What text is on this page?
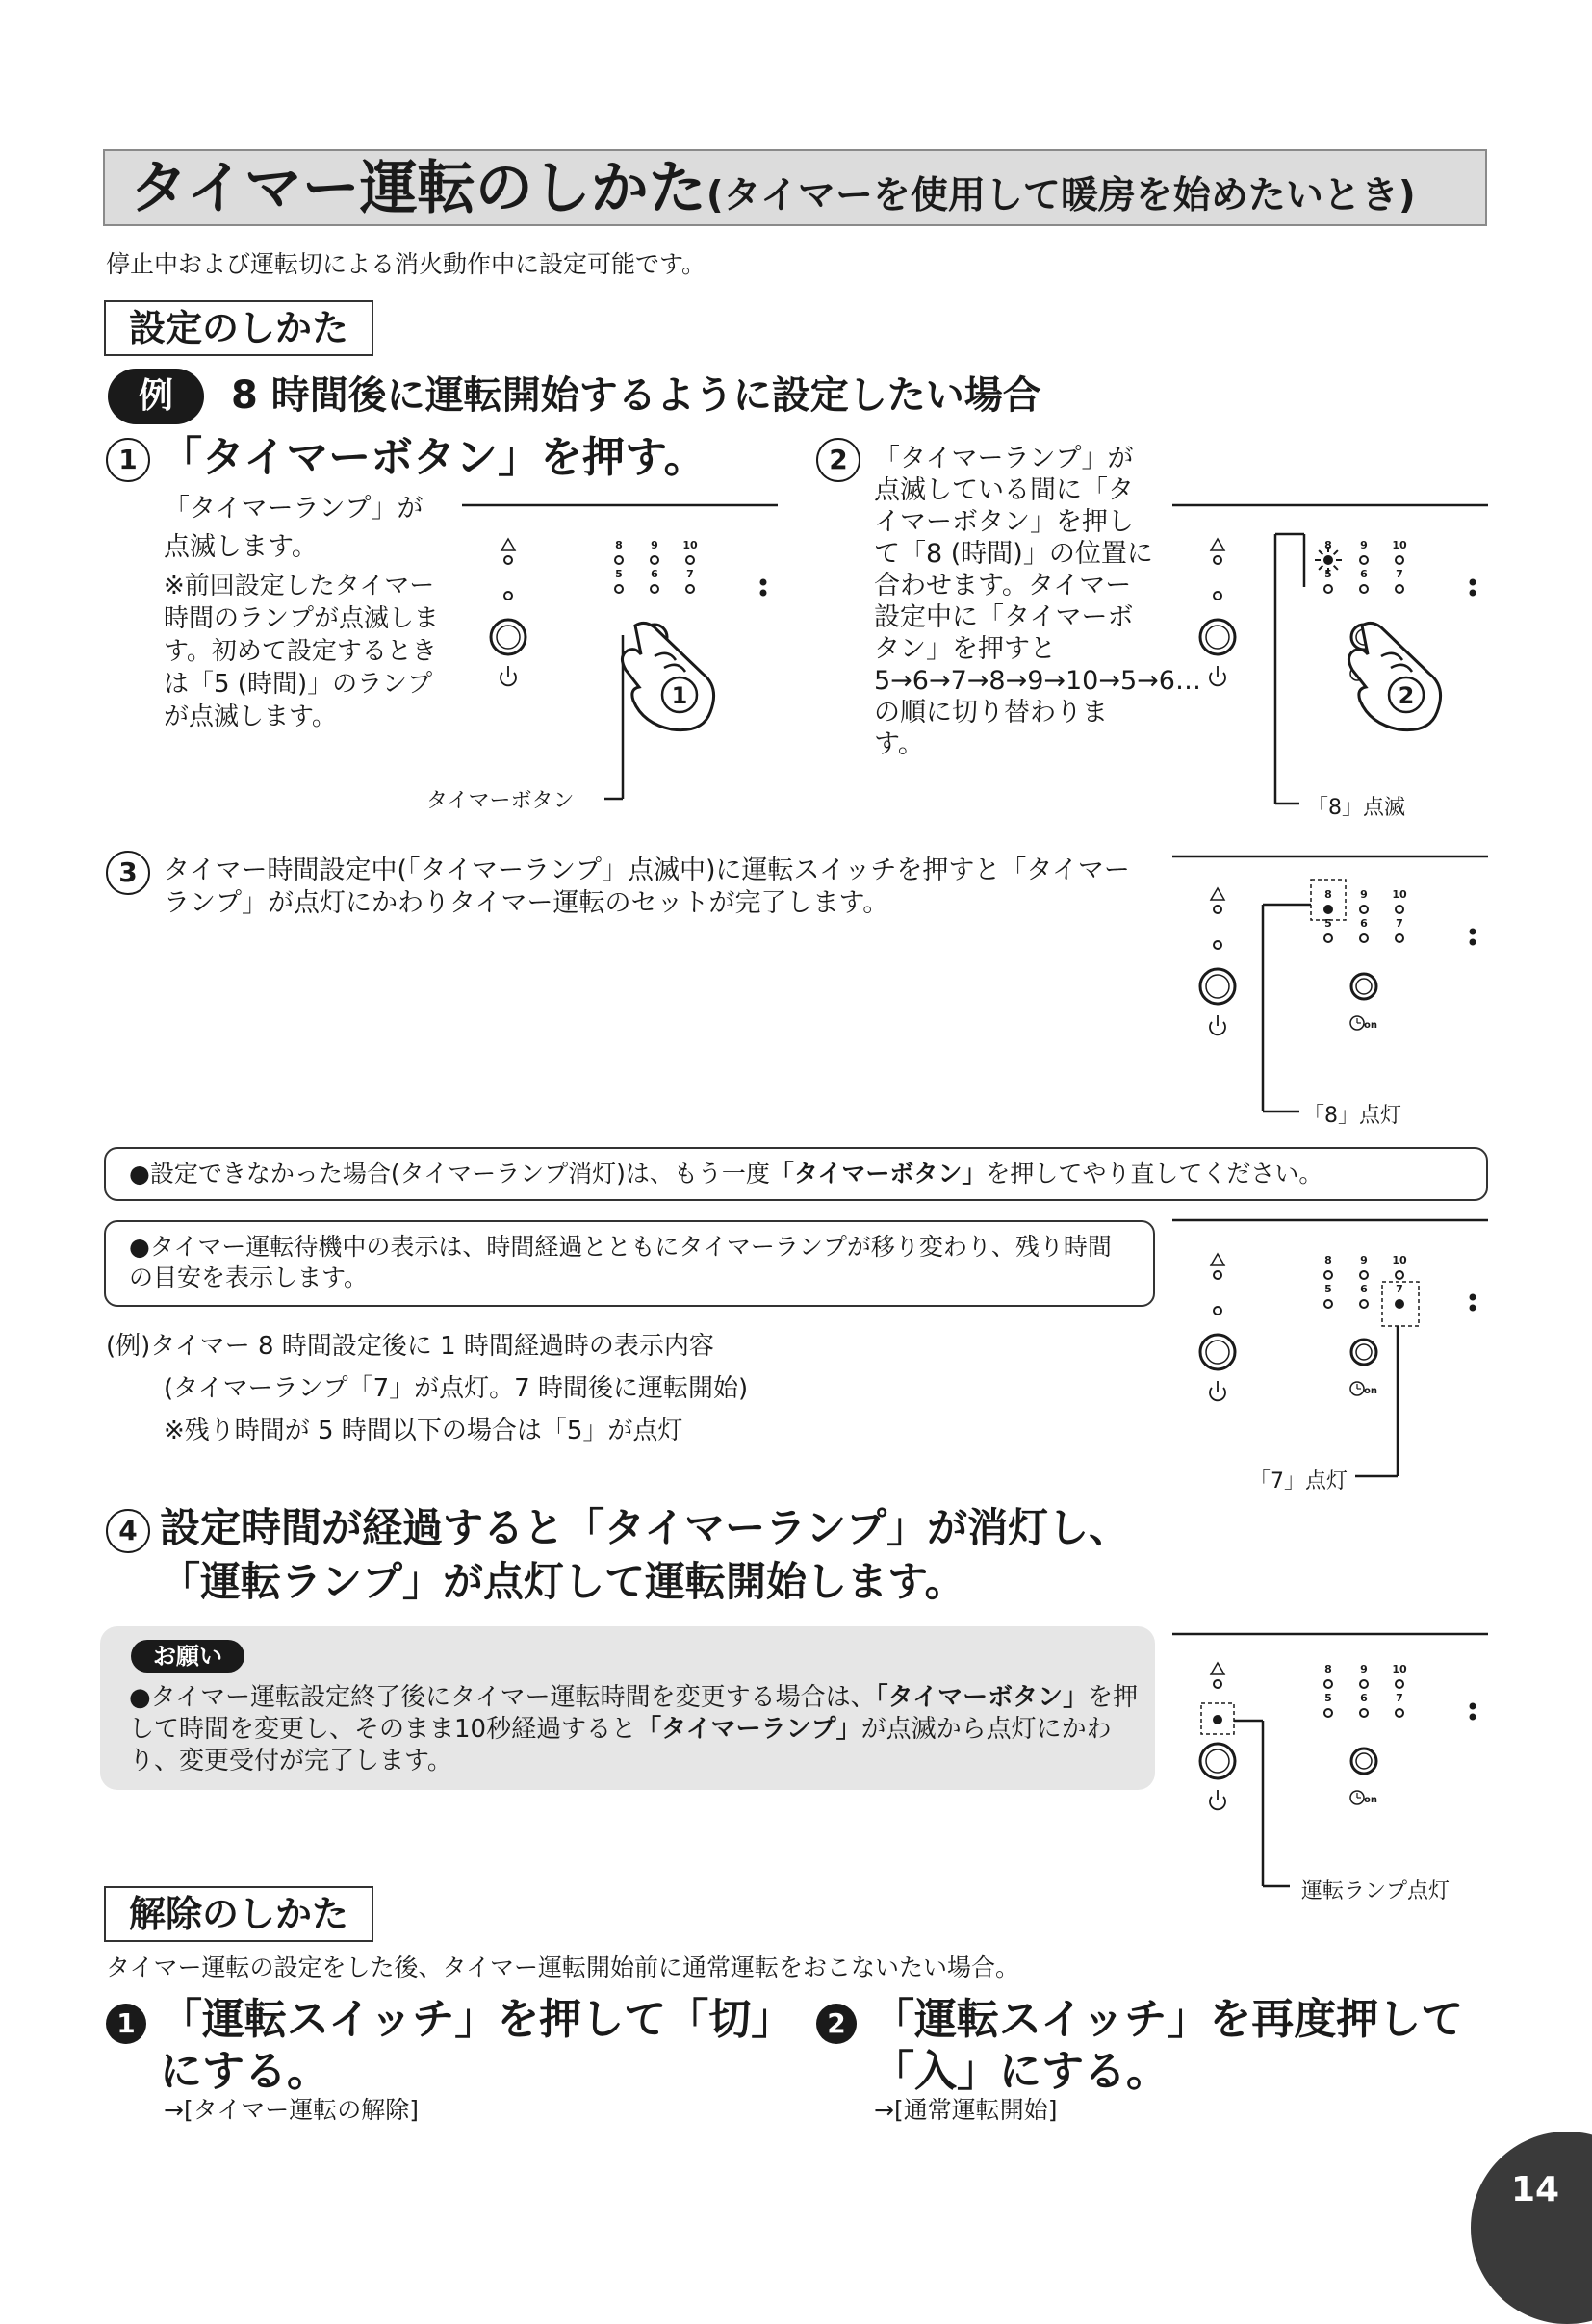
タイマー運転のしかた(タイマーを使用して暖房を始めたいとき)
停止中および運転切による消火動作中に設定可能です。
設定のしかた
例	8 時間後に運転開始するように設定したい場合
1 「タイマーボタン」を押す。
「タイマーランプ」が
点滅します。
※前回設定したタイマー時間のランプが点滅します。初めて設定するときは「5 (時間)」のランプが点滅します。
タイマーボタン
2	「タイマーランプ」が点滅している間に「タイマーボタン」を押して「8 (時間)」の位置に合わせます。タイマー設定中に「タイマーボタン」を押すと 5→6→7→8→9→10→5→6…の順に切り替わります。
「8」点滅
3	タイマー時間設定中(「タイマーランプ」点滅中)に運転スイッチを押すと「タイマーランプ」が点灯にかわりタイマー運転のセットが完了します。
「8」点灯
●設定できなかった場合(タイマーランプ消灯)は、もう一度「タイマーボタン」を押してやり直してください。
●タイマー運転待機中の表示は、時間経過とともにタイマーランプが移り変わり、残り時間の目安を表示します。
(例)タイマー 8 時間設定後に 1 時間経過時の表示内容
(タイマーランプ「7」が点灯。7 時間後に運転開始)
※残り時間が 5 時間以下の場合は「5」が点灯
「7」点灯
4 設定時間が経過すると「タイマーランプ」が消灯し、
「運転ランプ」が点灯して運転開始します。
運転ランプ点灯
お願い
●タイマー運転設定終了後にタイマー運転時間を変更する場合は、「タイマーボタン」を押して時間を変更し、そのまま10秒経過すると「タイマーランプ」が点滅から点灯にかわり、変更受付が完了します。
解除のしかた
タイマー運転の設定をした後、タイマー運転開始前に通常運転をおこないたい場合。
1 「運転スイッチ」を押して「切」にする。
→[タイマー運転の解除]
2 「運転スイッチ」を再度押して「入」にする。
→[通常運転開始]
8	9 10
5	6	7
1
8	9 10
5	6	7
2
8	9 10
5	6	7
on
8	9 10
5	6	7
on
8	9 10
5	6	7
on
14
